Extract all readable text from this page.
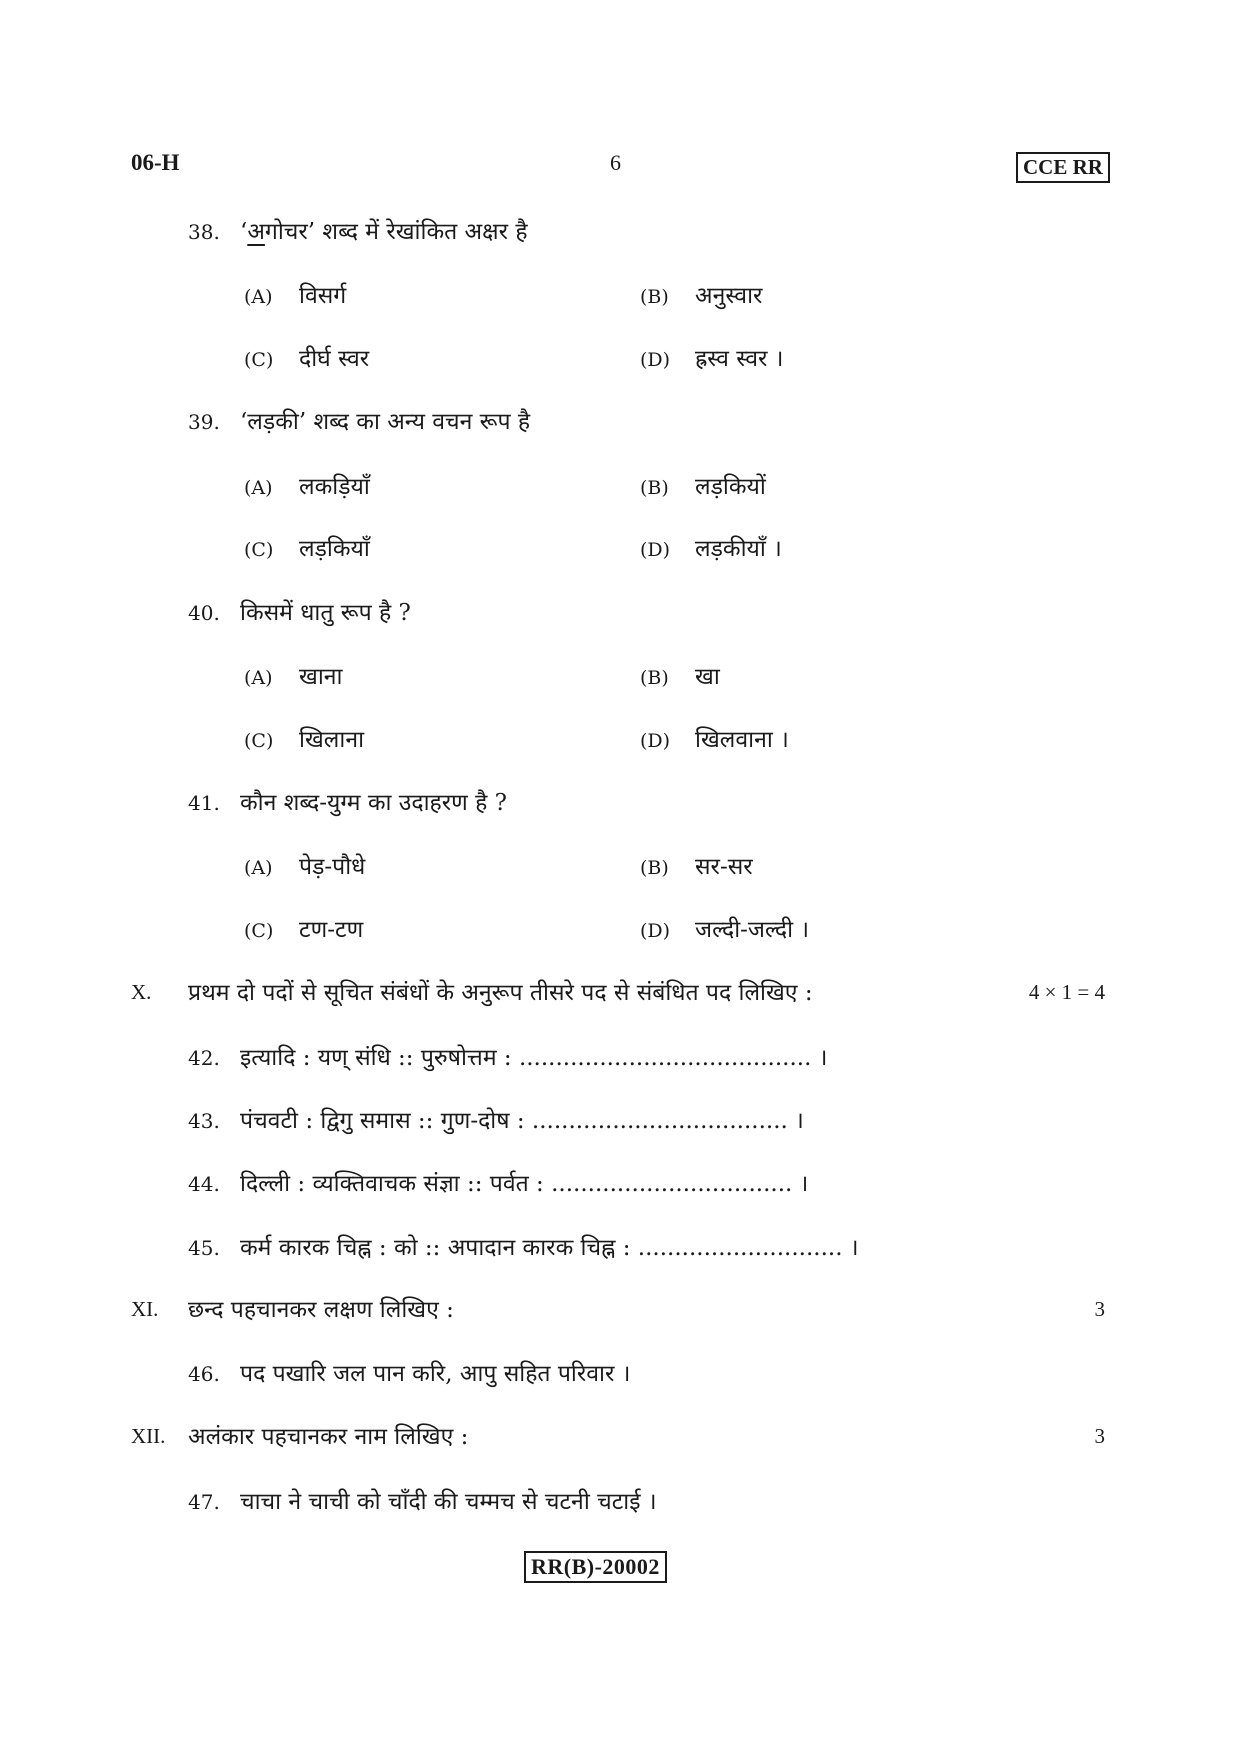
06-H	6	CCE RR
38. ‘अगोचर’ शब्द में रेखांकित अक्षर है
(A) विसर्ग	(B) अनुस्वार
(C) दीर्घ स्वर	(D) ह्रस्व स्वर ।
39. ‘लड़की’ शब्द का अन्य वचन रूप है
(A) लकड़ियाँ	(B) लड़कियों
(C) लड़कियाँ	(D) लड़कीयाँ ।
40. किसमें धातु रूप है ?
(A) खाना	(B) खा
(C) खिलाना	(D) खिलवाना ।
41. कौन शब्द-युग्म का उदाहरण है ?
(A) पेड़-पौधे	(B) सर-सर
(C) टण-टण	(D) जल्दी-जल्दी ।
X. प्रथम दो पदों से सूचित संबंधों के अनुरूप तीसरे पद से संबंधित पद लिखिए :	4 × 1 = 4
42. इत्यादि : यण् संधि :: पुरुषोत्तम : ........................................ ।
43. पंचवटी : द्विगु समास :: गुण-दोष : ................................... ।
44. दिल्ली : व्यक्तिवाचक संज्ञा :: पर्वत : ................................. ।
45. कर्म कारक चिह्न : को :: अपादान कारक चिह्न : ............................ ।
XI. छन्द पहचानकर लक्षण लिखिए :	3
46. पद पखारि जल पान करि, आपु सहित परिवार ।
XII. अलंकार पहचानकर नाम लिखिए :	3
47. चाचा ने चाची को चाँदी की चम्मच से चटनी चटाई ।
RR(B)-20002
